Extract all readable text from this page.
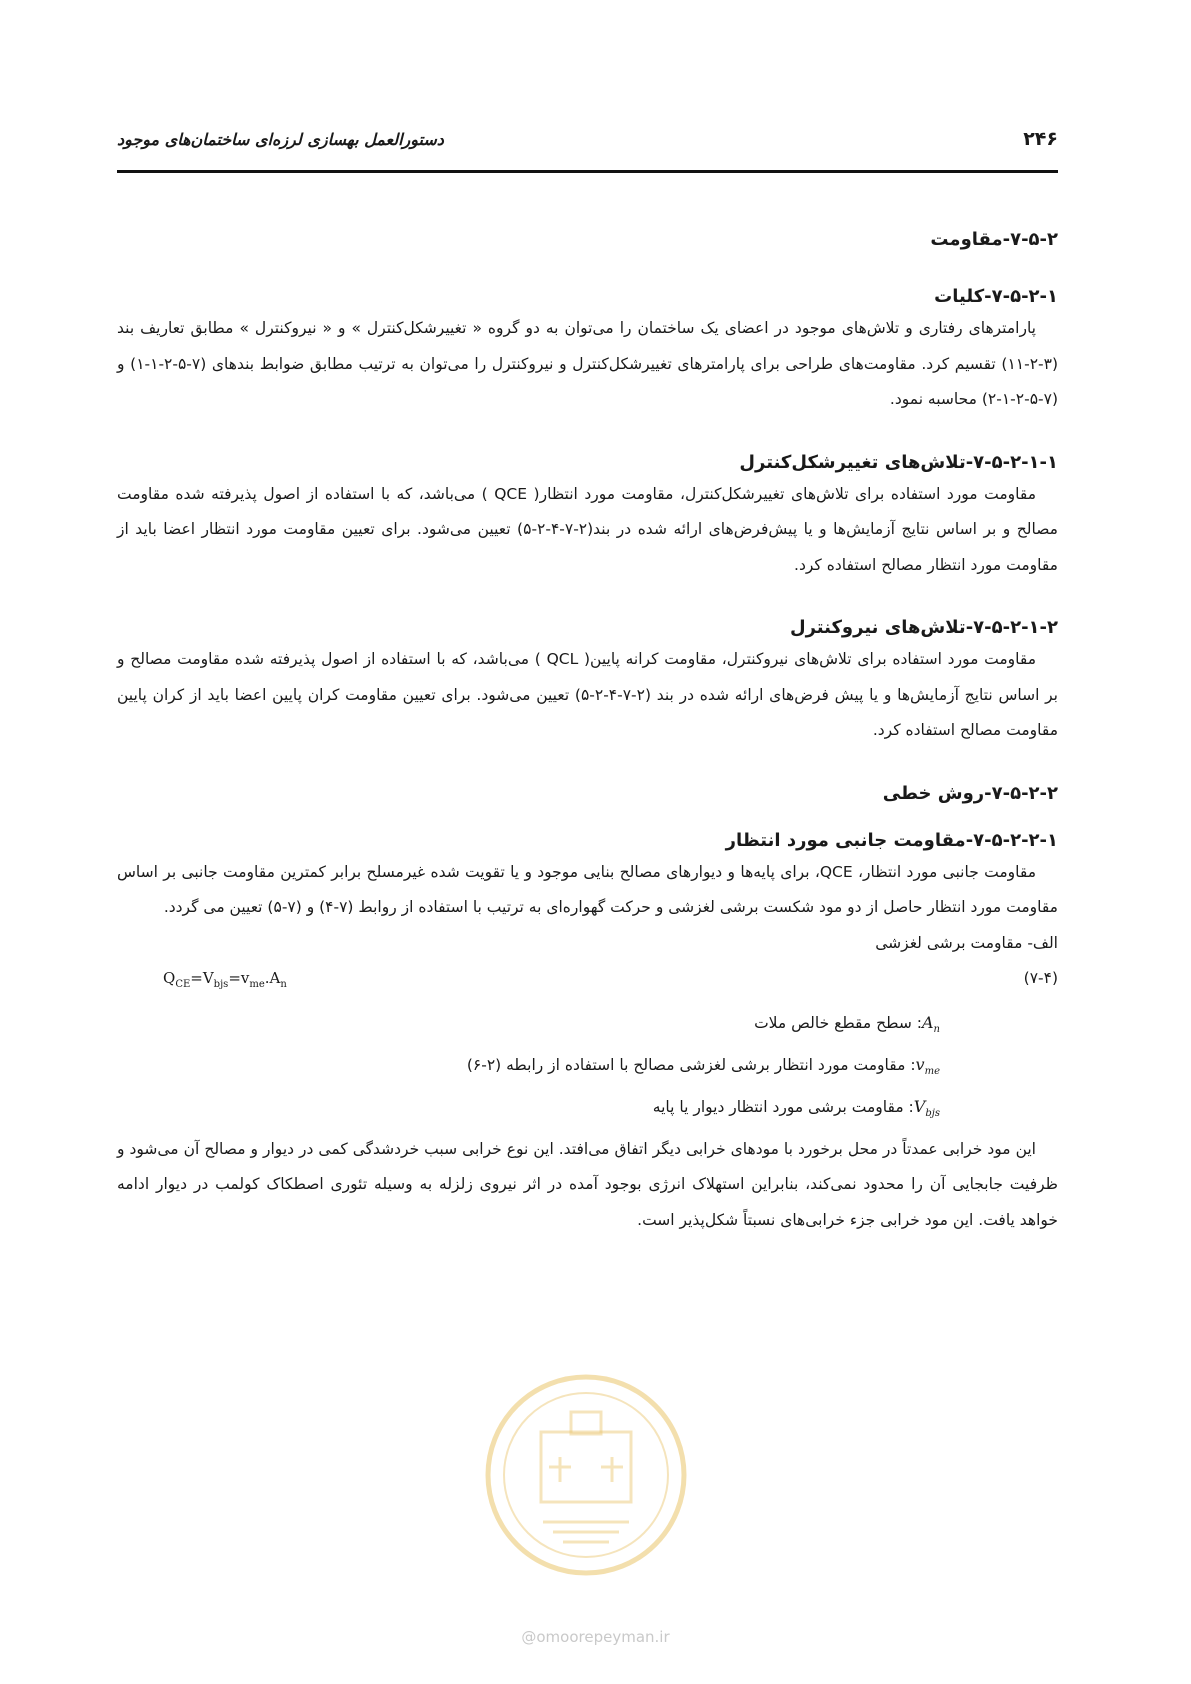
۲۴۶
دستورالعمل بهسازی لرزه‌ای ساختمان‌های موجود

۷-۵-۲-مقاومت

۷-۵-۲-۱-کلیات

پارامترهای رفتاری و تلاش‌های موجود در اعضای یک ساختمان را می‌توان به دو گروه « تغییرشکل‌کنترل » و « نیروکنترل » مطابق تعاریف بند (۳-۲-۱۱) تقسیم کرد. مقاومت‌های طراحی برای پارامترهای تغییرشکل‌کنترل و نیروکنترل را می‌توان به ترتیب مطابق ضوابط بندهای (۷-۵-۲-۱-۱) و (۷-۵-۲-۱-۲) محاسبه نمود.

۷-۵-۲-۱-۱-تلاش‌های تغییرشکل‌کنترل

مقاومت مورد استفاده برای تلاش‌های تغییرشکل‌کنترل، مقاومت مورد انتظار( QCE ) می‌باشد، که با استفاده از اصول پذیرفته شده مقاومت مصالح و بر اساس نتایج آزمایش‌ها و یا پیش‌فرض‌های ارائه شده در بند(۲-۷-۴-۲-۵) تعیین می‌شود. برای تعیین مقاومت مورد انتظار اعضا باید از مقاومت مورد انتظار مصالح استفاده کرد.

۷-۵-۲-۱-۲-تلاش‌های نیروکنترل

مقاومت مورد استفاده برای تلاش‌های نیروکنترل، مقاومت کرانه پایین( QCL ) می‌باشد، که با استفاده از اصول پذیرفته شده مقاومت مصالح و بر اساس نتایج آزمایش‌ها و یا پیش فرض‌های ارائه شده در بند (۲-۷-۴-۲-۵) تعیین می‌شود. برای تعیین مقاومت کران پایین اعضا باید از کران پایین مقاومت مصالح استفاده کرد.

۷-۵-۲-۲-روش خطی

۷-۵-۲-۲-۱-مقاومت جانبی مورد انتظار

مقاومت جانبی مورد انتظار، QCE، برای پایه‌ها و دیوارهای مصالح بنایی موجود و یا تقویت شده غیرمسلح برابر کمترین مقاومت جانبی بر اساس مقاومت مورد انتظار حاصل از دو مود شکست برشی لغزشی و حرکت گهواره‌ای به ترتیب با استفاده از روابط (۷-۴) و (۷-۵) تعیین می گردد.

الف- مقاومت برشی لغزشی

(۷-۴)
$Q_{CE}=V_{bjs}=v_{me}.A_n$
$A_n$: سطح مقطع خالص ملات
$v_{me}$: مقاومت مورد انتظار برشی لغزشی مصالح با استفاده از رابطه (۲-۶)
$V_{bjs}$: مقاومت برشی مورد انتظار دیوار یا پایه

این مود خرابی عمدتاً در محل برخورد با مودهای خرابی دیگر اتفاق می‌افتد. این نوع خرابی سبب خردشدگی کمی در دیوار و مصالح آن می‌شود و ظرفیت جابجایی آن را محدود نمی‌کند، بنابراین استهلاک انرژی بوجود آمده در اثر نیروی زلزله به وسیله تئوری اصطکاک کولمب در دیوار ادامه خواهد یافت. این مود خرابی جزء خرابی‌های نسبتاً شکل‌پذیر است.

@omoorepeyman.ir
